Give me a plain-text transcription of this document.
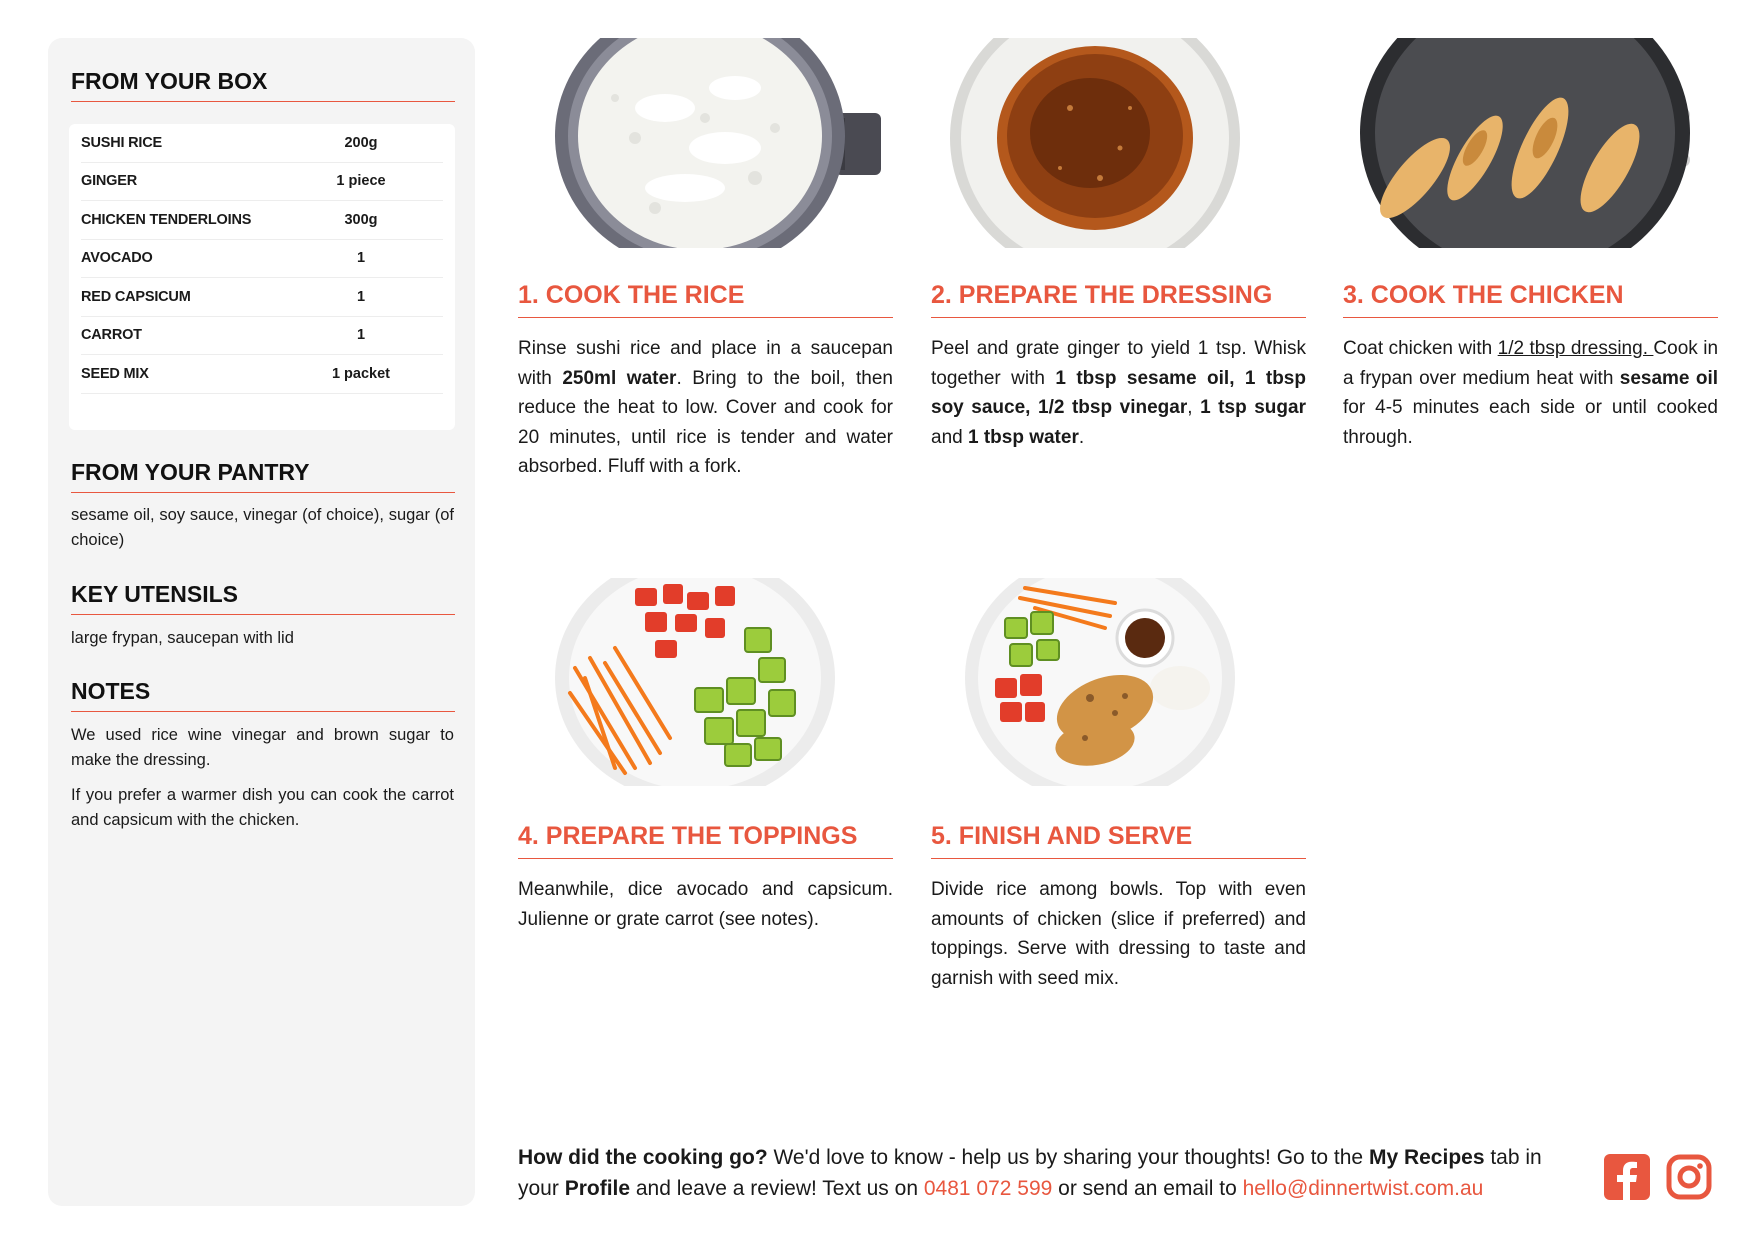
FROM YOUR BOX
SUSHI RICE	200g
GINGER	1 piece
CHICKEN TENDERLOINS	300g
AVOCADO	1
RED CAPSICUM	1
CARROT	1
SEED MIX	1 packet
FROM YOUR PANTRY
sesame oil, soy sauce, vinegar (of choice), sugar (of choice)
KEY UTENSILS
large frypan, saucepan with lid
NOTES
We used rice wine vinegar and brown sugar to make the dressing.
If you prefer a warmer dish you can cook the carrot and capsicum with the chicken.
1. COOK THE RICE
Rinse sushi rice and place in a saucepan with 250ml water. Bring to the boil, then reduce the heat to low. Cover and cook for 20 minutes, until rice is tender and water absorbed. Fluff with a fork.
2. PREPARE THE DRESSING
Peel and grate ginger to yield 1 tsp. Whisk together with 1 tbsp sesame oil, 1 tbsp soy sauce, 1/2 tbsp vinegar, 1 tsp sugar and 1 tbsp water.
3. COOK THE CHICKEN
Coat chicken with 1/2 tbsp dressing. Cook in a frypan over medium heat with sesame oil for 4-5 minutes each side or until cooked through.
4. PREPARE THE TOPPINGS
Meanwhile, dice avocado and capsicum. Julienne or grate carrot (see notes).
5. FINISH AND SERVE
Divide rice among bowls. Top with even amounts of chicken (slice if preferred) and toppings. Serve with dressing to taste and garnish with seed mix.
How did the cooking go? We'd love to know - help us by sharing your thoughts! Go to the My Recipes tab in your Profile and leave a review! Text us on 0481 072 599 or send an email to hello@dinnertwist.com.au
